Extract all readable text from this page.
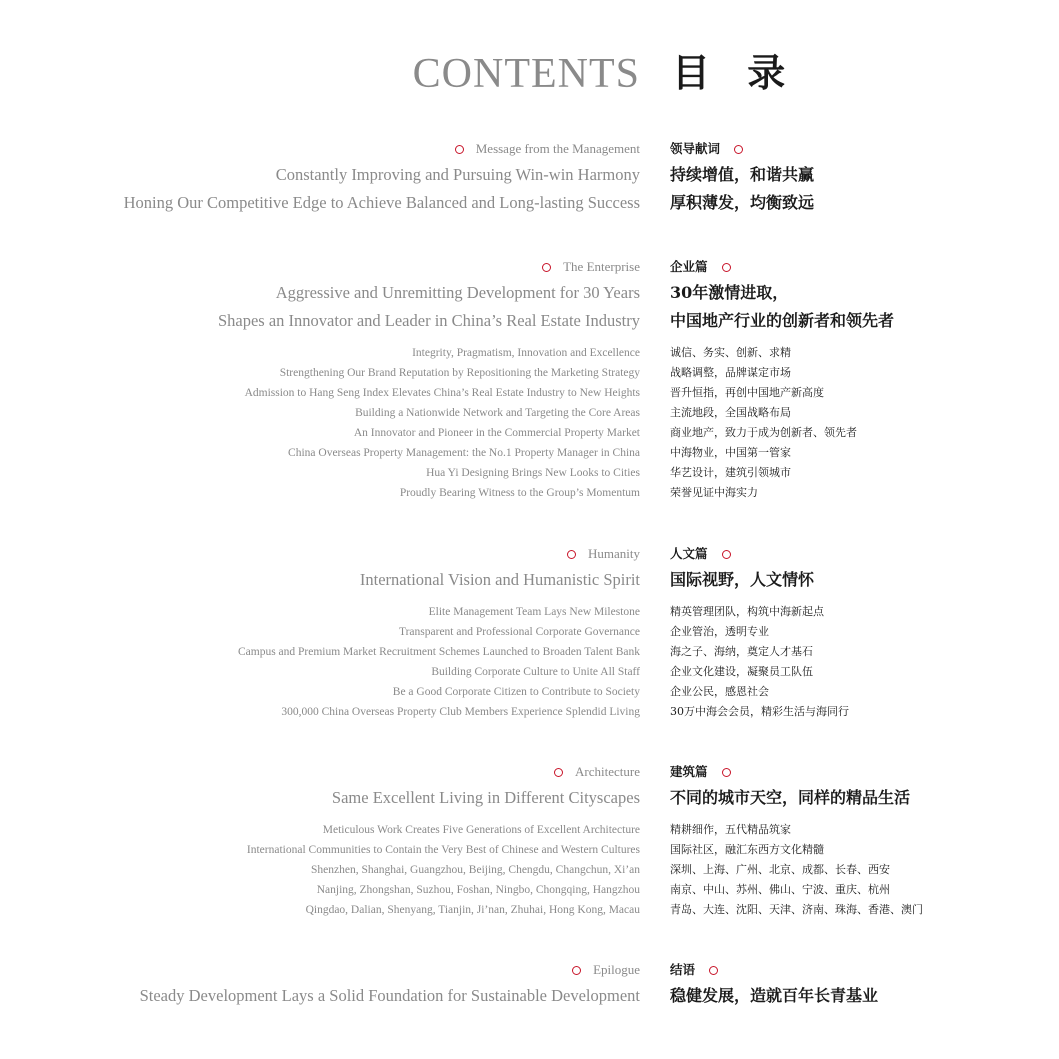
CONTENTS 目 录
Message from the Management 领导献词
Constantly Improving and Pursuing Win-win Harmony 持续增值，和谐共赢
Honing Our Competitive Edge to Achieve Balanced and Long-lasting Success 厚积薄发，均衡致远
The Enterprise 企业篇
Aggressive and Unremitting Development for 30 Years 30年激情进取，
Shapes an Innovator and Leader in China’s Real Estate Industry 中国地产行业的创新者和领先者
Integrity, Pragmatism, Innovation and Excellence	诚信、务实、创新、求精
Strengthening Our Brand Reputation by Repositioning the Marketing Strategy	战略调整，品牌谋定市场
Admission to Hang Seng Index Elevates China’s Real Estate Industry to New Heights	晋升恒指，再创中国地产新高度
Building a Nationwide Network and Targeting the Core Areas	主流地段，全国战略布局
An Innovator and Pioneer in the Commercial Property Market	商业地产，致力于成为创新者、领先者
China Overseas Property Management: the No.1 Property Manager in China	中海物业，中国第一管家
Hua Yi Designing Brings New Looks to Cities	华艺设计，建筑引领城市
Proudly Bearing Witness to the Group’s Momentum	荣誉见证中海实力
Humanity 人文篇
International Vision and Humanistic Spirit 国际视野，人文情怀
Elite Management Team Lays New Milestone	精英管理团队，构筑中海新起点
Transparent and Professional Corporate Governance	企业管治，透明专业
Campus and Premium Market Recruitment Schemes Launched to Broaden Talent Bank	海之子、海纳，奠定人才基石
Building Corporate Culture to Unite All Staff	企业文化建设，凝聚员工队伍
Be a Good Corporate Citizen to Contribute to Society	企业公民，感恩社会
300,000 China Overseas Property Club Members Experience Splendid Living	30万中海会会员，精彩生活与海同行
Architecture 建筑篇
Same Excellent Living in Different Cityscapes 不同的城市天空，同样的精品生活
Meticulous Work Creates Five Generations of Excellent Architecture	精耕细作，五代精品筑家
International Communities to Contain the Very Best of Chinese and Western Cultures	国际社区，融汇东西方文化精髓
Shenzhen, Shanghai, Guangzhou, Beijing, Chengdu, Changchun, Xi’an	深圳、上海、广州、北京、成都、长春、西安
Nanjing, Zhongshan, Suzhou, Foshan, Ningbo, Chongqing, Hangzhou	南京、中山、苏州、佛山、宁波、重庆、杭州
Qingdao, Dalian, Shenyang, Tianjin, Ji’nan, Zhuhai, Hong Kong, Macau	青岛、大连、沈阳、天津、济南、珠海、香港、澳门
Epilogue 结语
Steady Development Lays a Solid Foundation for Sustainable Development 稳健发展，造就百年长青基业
